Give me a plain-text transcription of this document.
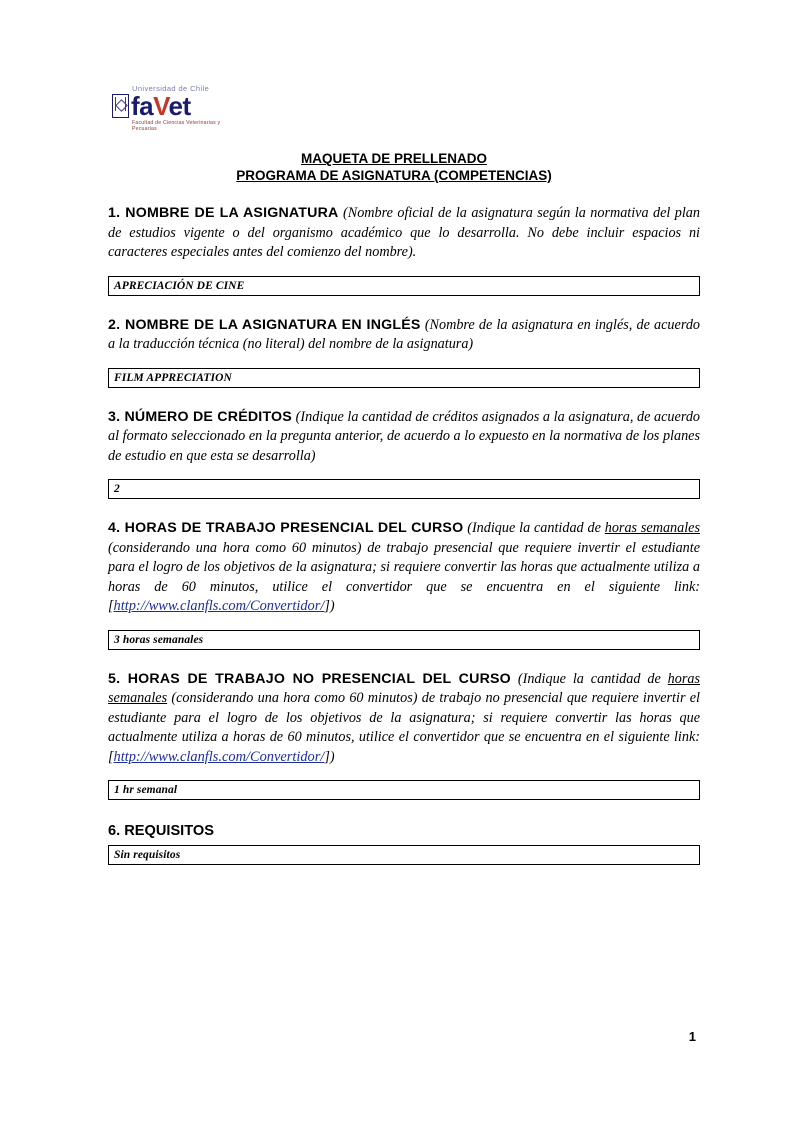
Universidad de Chile
faVet
Facultad de Ciencias Veterinarias y Pecuarias
MAQUETA DE PRELLENADO
PROGRAMA DE ASIGNATURA (COMPETENCIAS)

1. NOMBRE DE LA ASIGNATURA (Nombre oficial de la asignatura según la normativa del plan de estudios vigente o del organismo académico que lo desarrolla. No debe incluir espacios ni caracteres especiales antes del comienzo del nombre).

APRECIACIÓN DE CINE

2. NOMBRE DE LA ASIGNATURA EN INGLÉS (Nombre de la asignatura en inglés, de acuerdo a la traducción técnica (no literal) del nombre de la asignatura)

FILM APPRECIATION

3. NÚMERO DE CRÉDITOS (Indique la cantidad de créditos asignados a la asignatura, de acuerdo al formato seleccionado en la pregunta anterior, de acuerdo a lo expuesto en la normativa de los planes de estudio en que esta se desarrolla)

2

4. HORAS DE TRABAJO PRESENCIAL DEL CURSO (Indique la cantidad de horas semanales (considerando una hora como 60 minutos) de trabajo presencial que requiere invertir el estudiante para el logro de los objetivos de la asignatura; si requiere convertir las horas que actualmente utiliza a horas de 60 minutos, utilice el convertidor que se encuentra en el siguiente link: [http://www.clanfls.com/Convertidor/])

3 horas semanales

5. HORAS DE TRABAJO NO PRESENCIAL DEL CURSO (Indique la cantidad de horas semanales (considerando una hora como 60 minutos) de trabajo no presencial que requiere invertir el estudiante para el logro de los objetivos de la asignatura; si requiere convertir las horas que actualmente utiliza a horas de 60 minutos, utilice el convertidor que se encuentra en el siguiente link: [http://www.clanfls.com/Convertidor/])

1 hr semanal

6. REQUISITOS

Sin requisitos
1
